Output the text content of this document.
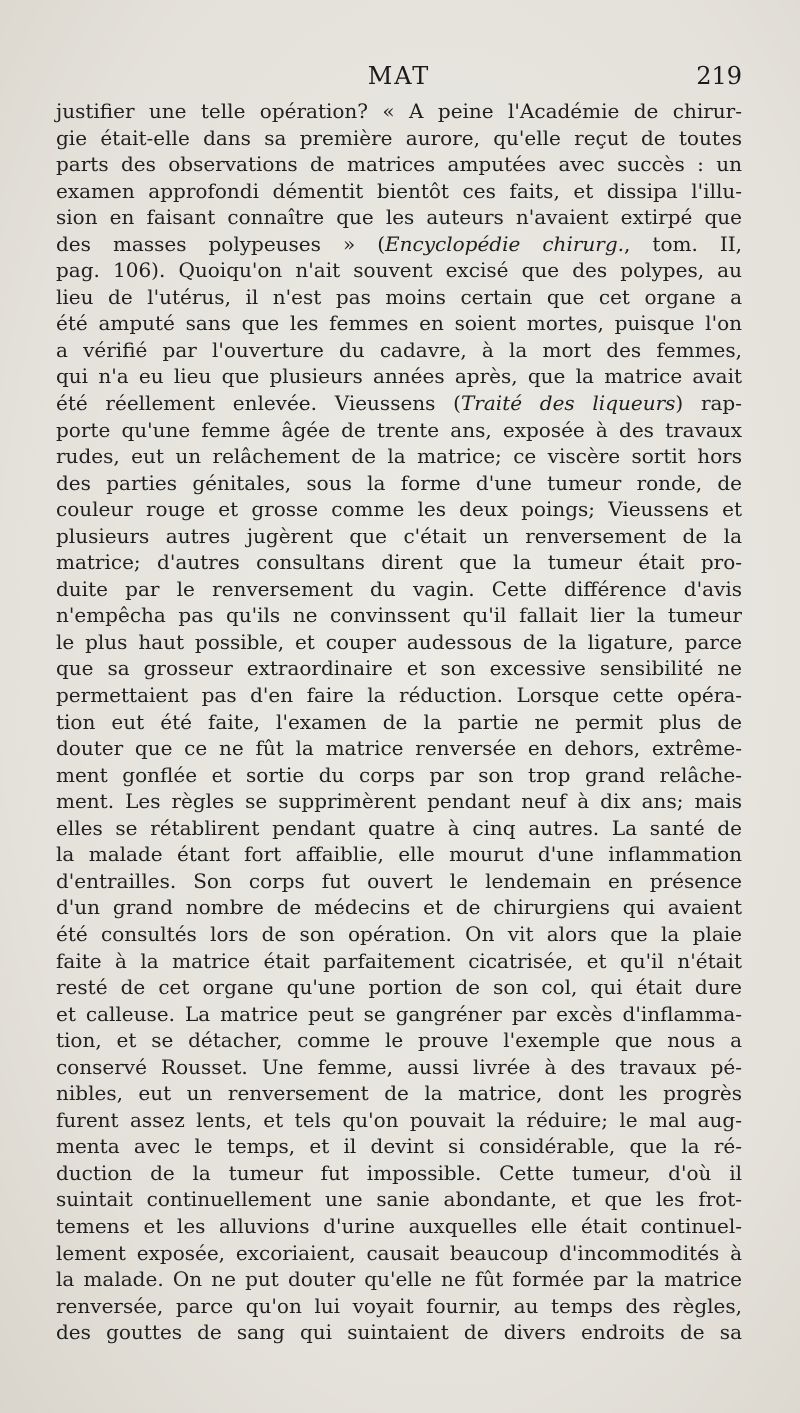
MAT	219
justifier une telle opération? « A peine l'Académie de chirur-
gie était-elle dans sa première aurore, qu'elle reçut de toutes
parts des observations de matrices amputées avec succès : un
examen approfondi démentit bientôt ces faits, et dissipa l'illu-
sion en faisant connaître que les auteurs n'avaient extirpé que
des masses polypeuses » (Encyclopédie chirurg., tom. II,
pag. 106). Quoiqu'on n'ait souvent excisé que des polypes, au
lieu de l'utérus, il n'est pas moins certain que cet organe a
été amputé sans que les femmes en soient mortes, puisque l'on
a vérifié par l'ouverture du cadavre, à la mort des femmes,
qui n'a eu lieu que plusieurs années après, que la matrice avait
été réellement enlevée. Vieussens (Traité des liqueurs) rap-
porte qu'une femme âgée de trente ans, exposée à des travaux
rudes, eut un relâchement de la matrice; ce viscère sortit hors
des parties génitales, sous la forme d'une tumeur ronde, de
couleur rouge et grosse comme les deux poings; Vieussens et
plusieurs autres jugèrent que c'était un renversement de la
matrice; d'autres consultans dirent que la tumeur était pro-
duite par le renversement du vagin. Cette différence d'avis
n'empêcha pas qu'ils ne convinssent qu'il fallait lier la tumeur
le plus haut possible, et couper audessous de la ligature, parce
que sa grosseur extraordinaire et son excessive sensibilité ne
permettaient pas d'en faire la réduction. Lorsque cette opéra-
tion eut été faite, l'examen de la partie ne permit plus de
douter que ce ne fût la matrice renversée en dehors, extrême-
ment gonflée et sortie du corps par son trop grand relâche-
ment. Les règles se supprimèrent pendant neuf à dix ans; mais
elles se rétablirent pendant quatre à cinq autres. La santé de
la malade étant fort affaiblie, elle mourut d'une inflammation
d'entrailles. Son corps fut ouvert le lendemain en présence
d'un grand nombre de médecins et de chirurgiens qui avaient
été consultés lors de son opération. On vit alors que la plaie
faite à la matrice était parfaitement cicatrisée, et qu'il n'était
resté de cet organe qu'une portion de son col, qui était dure
et calleuse. La matrice peut se gangréner par excès d'inflamma-
tion, et se détacher, comme le prouve l'exemple que nous a
conservé Rousset. Une femme, aussi livrée à des travaux pé-
nibles, eut un renversement de la matrice, dont les progrès
furent assez lents, et tels qu'on pouvait la réduire; le mal aug-
menta avec le temps, et il devint si considérable, que la ré-
duction de la tumeur fut impossible. Cette tumeur, d'où il
suintait continuellement une sanie abondante, et que les frot-
temens et les alluvions d'urine auxquelles elle était continuel-
lement exposée, excoriaient, causait beaucoup d'incommodités à
la malade. On ne put douter qu'elle ne fût formée par la matrice
renversée, parce qu'on lui voyait fournir, au temps des règles,
des gouttes de sang qui suintaient de divers endroits de sa
